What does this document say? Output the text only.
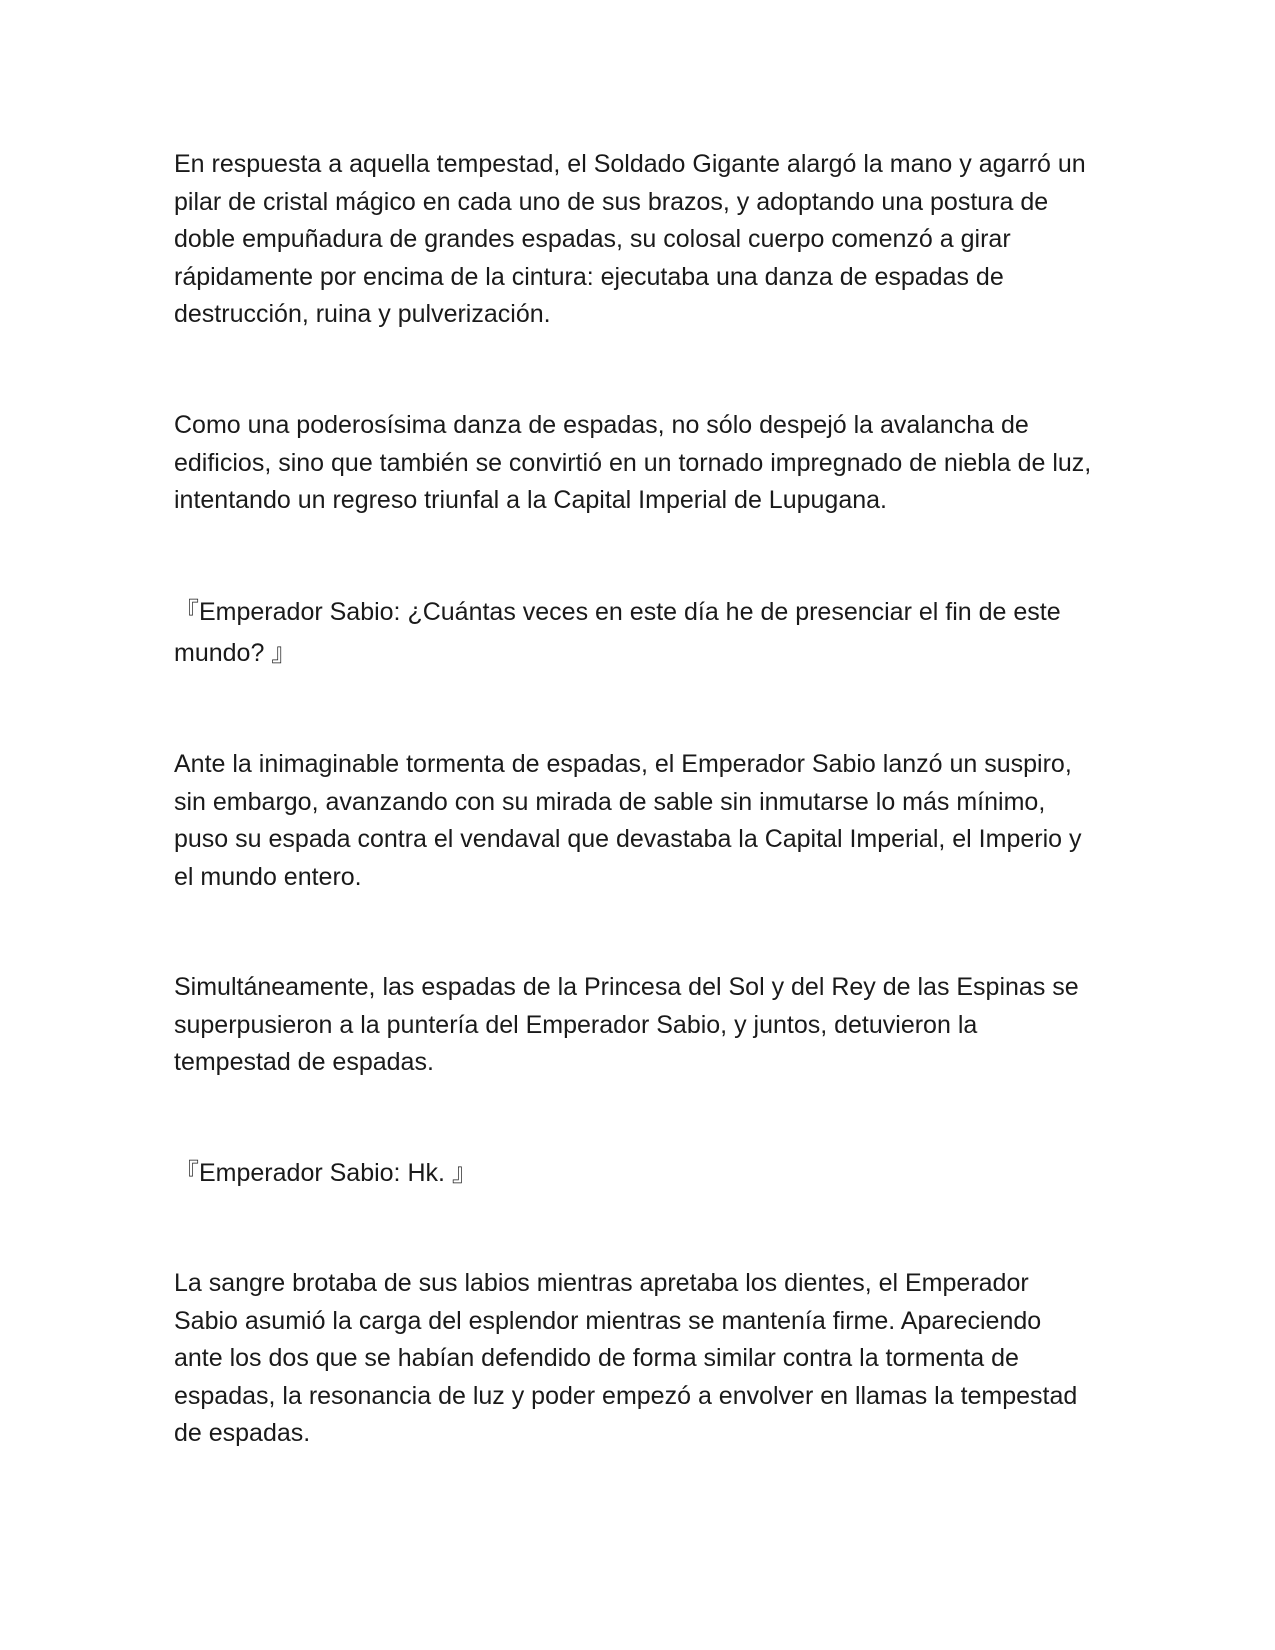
En respuesta a aquella tempestad, el Soldado Gigante alargó la mano y agarró un pilar de cristal mágico en cada uno de sus brazos, y adoptando una postura de doble empuñadura de grandes espadas, su colosal cuerpo comenzó a girar rápidamente por encima de la cintura: ejecutaba una danza de espadas de destrucción, ruina y pulverización.

Como una poderosísima danza de espadas, no sólo despejó la avalancha de edificios, sino que también se convirtió en un tornado impregnado de niebla de luz, intentando un regreso triunfal a la Capital Imperial de Lupugana.

『Emperador Sabio: ¿Cuántas veces en este día he de presenciar el fin de este mundo? 』

Ante la inimaginable tormenta de espadas, el Emperador Sabio lanzó un suspiro, sin embargo, avanzando con su mirada de sable sin inmutarse lo más mínimo, puso su espada contra el vendaval que devastaba la Capital Imperial, el Imperio y el mundo entero.

Simultáneamente, las espadas de la Princesa del Sol y del Rey de las Espinas se superpusieron a la puntería del Emperador Sabio, y juntos, detuvieron la tempestad de espadas.

『Emperador Sabio: Hk. 』

La sangre brotaba de sus labios mientras apretaba los dientes, el Emperador Sabio asumió la carga del esplendor mientras se mantenía firme. Apareciendo ante los dos que se habían defendido de forma similar contra la tormenta de espadas, la resonancia de luz y poder empezó a envolver en llamas la tempestad de espadas.
